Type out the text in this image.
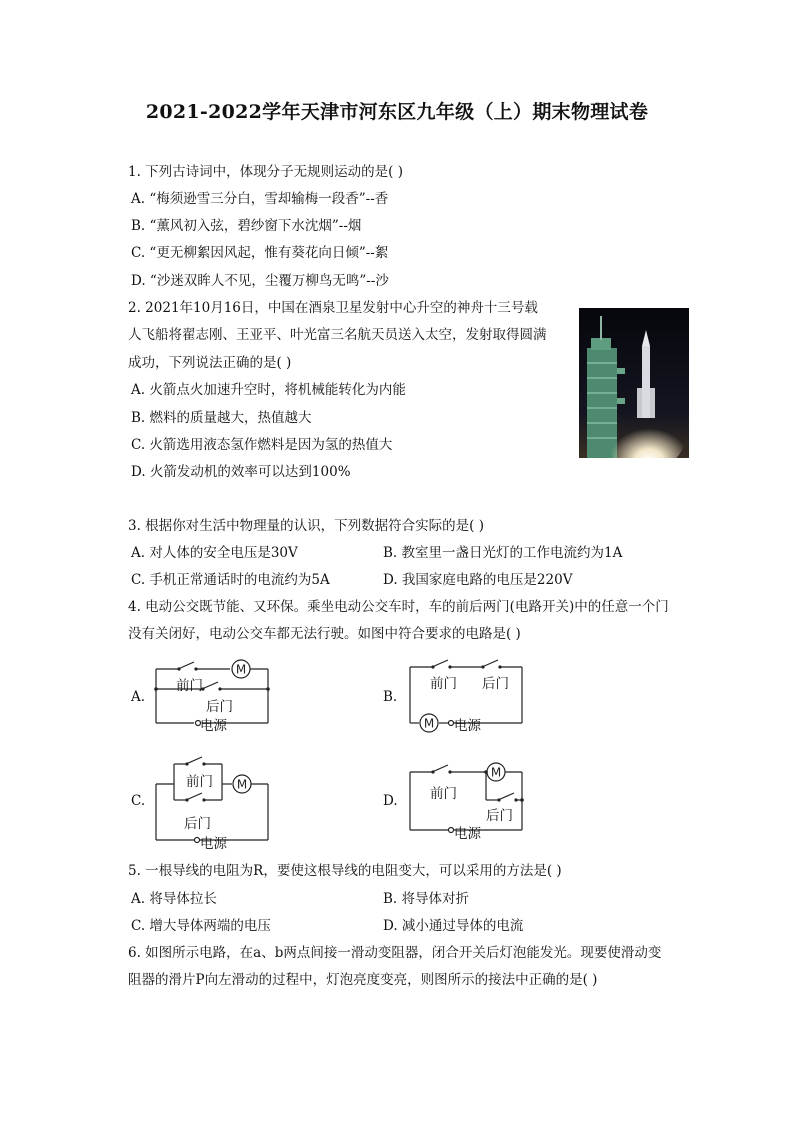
2021-2022学年天津市河东区九年级（上）期末物理试卷
1. 下列古诗词中，体现分子无规则运动的是( )
A. “梅须逊雪三分白，雪却输梅一段香”--香
B. “薰风初入弦，碧纱窗下水沈烟”--烟
C. “更无柳絮因风起，惟有葵花向日倾”--絮
D. “沙迷双眸人不见，尘覆万柳鸟无鸣”--沙
2. 2021年10月16日，中国在酒泉卫星发射中心升空的神舟十三号载
人飞船将翟志刚、王亚平、叶光富三名航天员送入太空，发射取得圆满
成功，下列说法正确的是( )
A. 火箭点火加速升空时，将机械能转化为内能
B. 燃料的质量越大，热值越大
C. 火箭选用液态氢作燃料是因为氢的热值大
D. 火箭发动机的效率可以达到100%
3. 根据你对生活中物理量的认识，下列数据符合实际的是( )
A. 对人体的安全电压是30V	B. 教室里一盏日光灯的工作电流约为1A
C. 手机正常通话时的电流约为5A	D. 我国家庭电路的电压是220V
4. 电动公交既节能、又环保。乘坐电动公交车时，车的前后两门(电路开关)中的任意一个门
没有关闭好，电动公交车都无法行驶。如图中符合要求的电路是( )
A.
M
前门
后门
电源
B.
M
前门 后门
电源
C.
M
前门
后门
电源
D.
M
前门
后门
电源
5. 一根导线的电阻为R，要使这根导线的电阻变大，可以采用的方法是( )
A. 将导体拉长	B. 将导体对折
C. 增大导体两端的电压	D. 减小通过导体的电流
6. 如图所示电路，在a、b两点间接一滑动变阻器，闭合开关后灯泡能发光。现要使滑动变
阻器的滑片P向左滑动的过程中，灯泡亮度变亮，则图所示的接法中正确的是( )
